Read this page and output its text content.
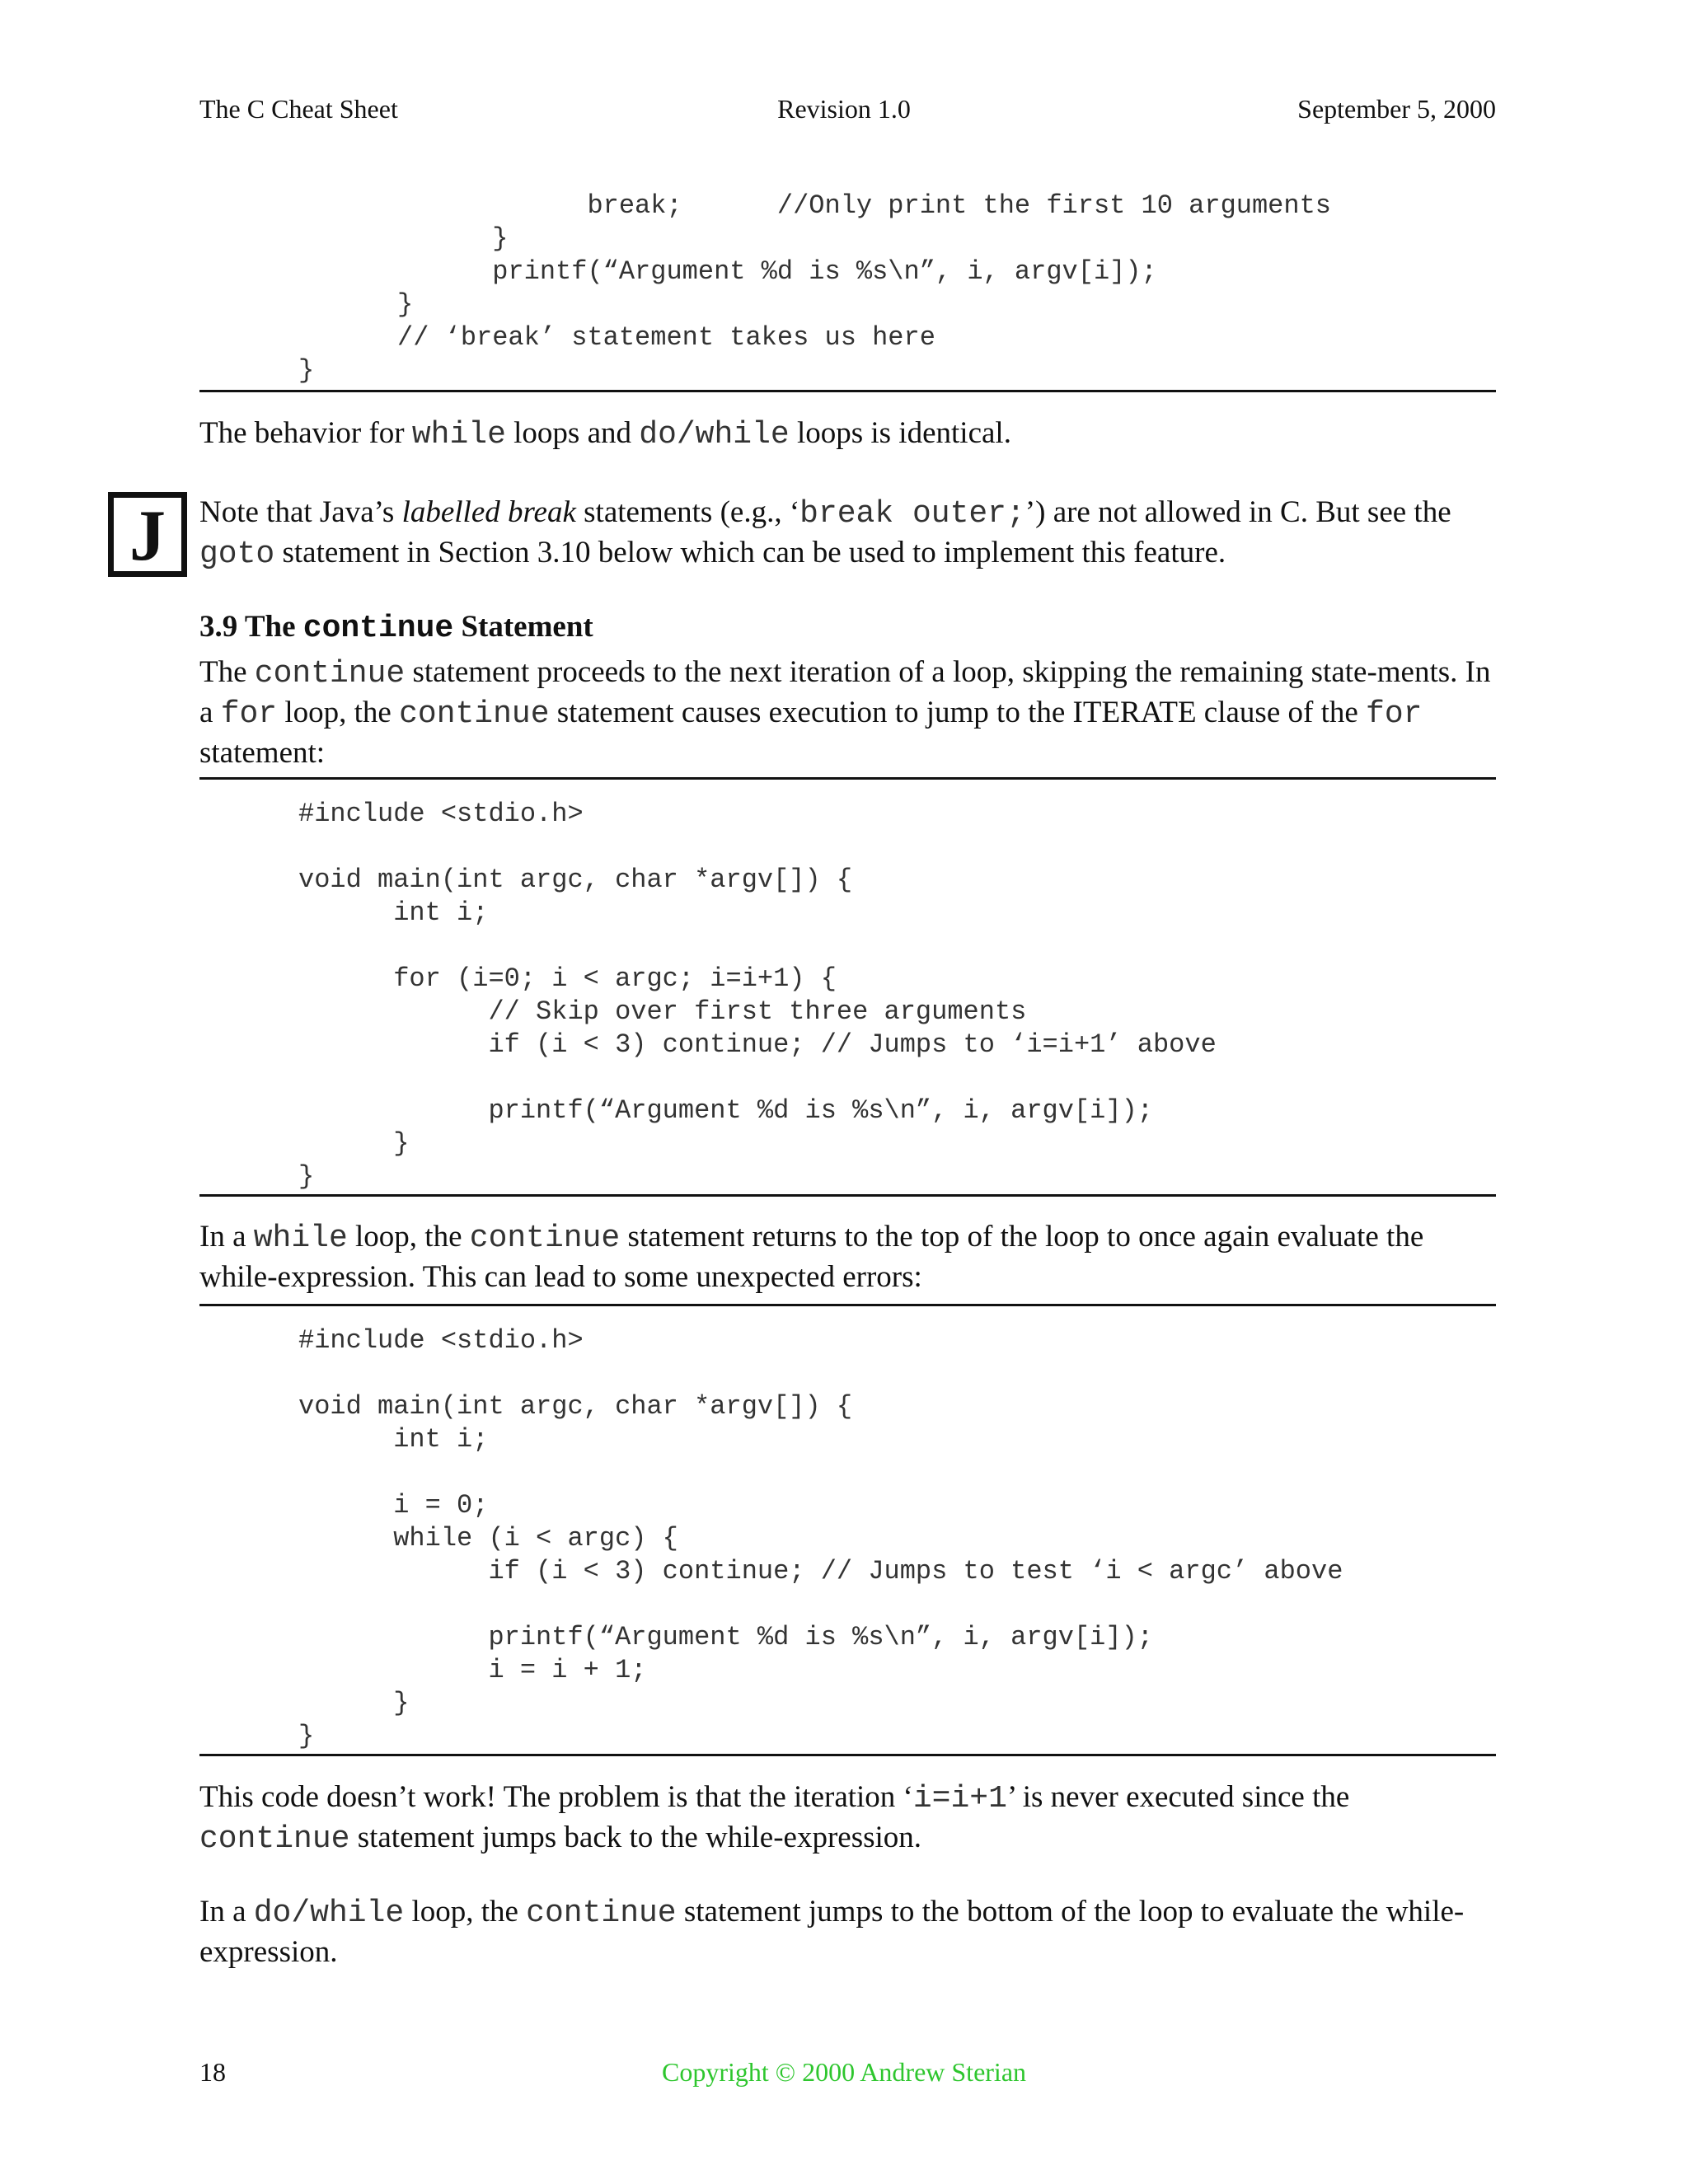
The C Cheat Sheet	Revision 1.0	September 5, 2000
break;      //Only print the first 10 arguments
}
printf(“Argument %d is %s\n”, i, argv[i]);
}
// ‘break’ statement takes us here
}

The behavior for while loops and do/while loops is identical.

J Note that Java’s labelled break statements (e.g., ‘break outer;’) are not allowed in C. But see the goto statement in Section 3.10 below which can be used to implement this feature.

3.9 The continue Statement

The continue statement proceeds to the next iteration of a loop, skipping the remaining state-ments. In a for loop, the continue statement causes execution to jump to the ITERATE clause of the for statement:

#include <stdio.h>

void main(int argc, char *argv[]) {
int i;

for (i=0; i < argc; i=i+1) {
// Skip over first three arguments
if (i < 3) continue; // Jumps to ‘i=i+1’ above

printf(“Argument %d is %s\n”, i, argv[i]);
}
}

In a while loop, the continue statement returns to the top of the loop to once again evaluate the while-expression. This can lead to some unexpected errors:

#include <stdio.h>

void main(int argc, char *argv[]) {
int i;

i = 0;
while (i < argc) {
if (i < 3) continue; // Jumps to test ‘i < argc’ above

printf(“Argument %d is %s\n”, i, argv[i]);
i = i + 1;
}
}

This code doesn’t work! The problem is that the iteration ‘i=i+1’ is never executed since the continue statement jumps back to the while-expression.

In a do/while loop, the continue statement jumps to the bottom of the loop to evaluate the while-expression.

18	Copyright © 2000 Andrew Sterian
